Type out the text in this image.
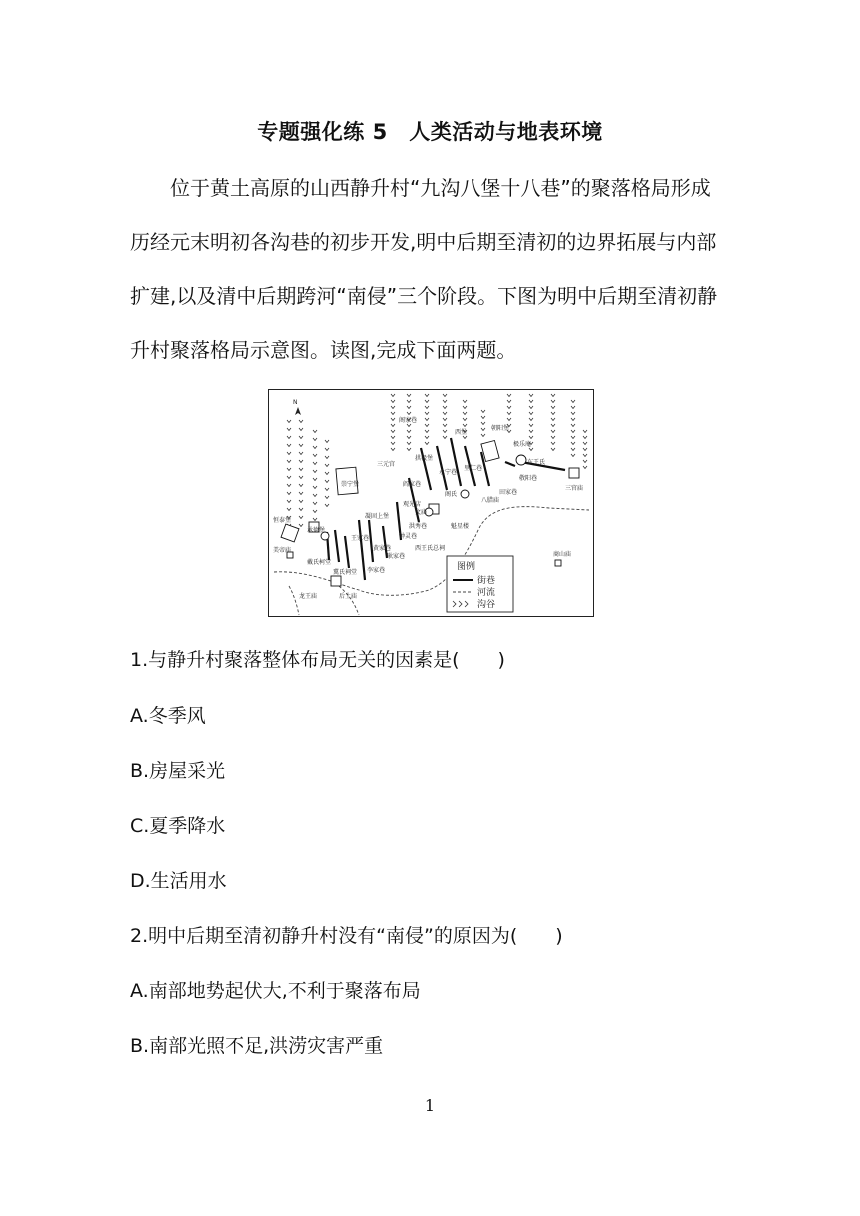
专题强化练 5　人类活动与地表环境
位于黄土高原的山西静升村“九沟八堡十八巷”的聚落格局形成
历经元末明初各沟巷的初步开发,明中后期至清初的边界拓展与内部
扩建,以及清中后期跨河“南侵”三个阶段。下图为明中后期至清初静
升村聚落格局示意图。读图,完成下面两题。
N
阁家巷
西堡
里仁巷
永宁巷
朝阳堡
极乐庵
东王氏
敬阳巷
三官庙
三元宫
拱极堡
阎家巷
观光店
文庙
阁氏
八腊庙
田家巷
恒泰堡
承德堡
凝固上堡
洪秀巷	魁星楼
钟灵巷
美帝庙	西王氏总祠
商山庙
崇宁堡
王家巷
李家巷
黄家巷
耿家巷
龙王庙	后土庙
冀氏祠堂
戴氏柯堂	图例
街巷
河流
沟谷
1.与静升村聚落整体布局无关的因素是(　　)
A.冬季风
B.房屋采光
C.夏季降水
D.生活用水
2.明中后期至清初静升村没有“南侵”的原因为(　　)
A.南部地势起伏大,不利于聚落布局
B.南部光照不足,洪涝灾害严重
1
